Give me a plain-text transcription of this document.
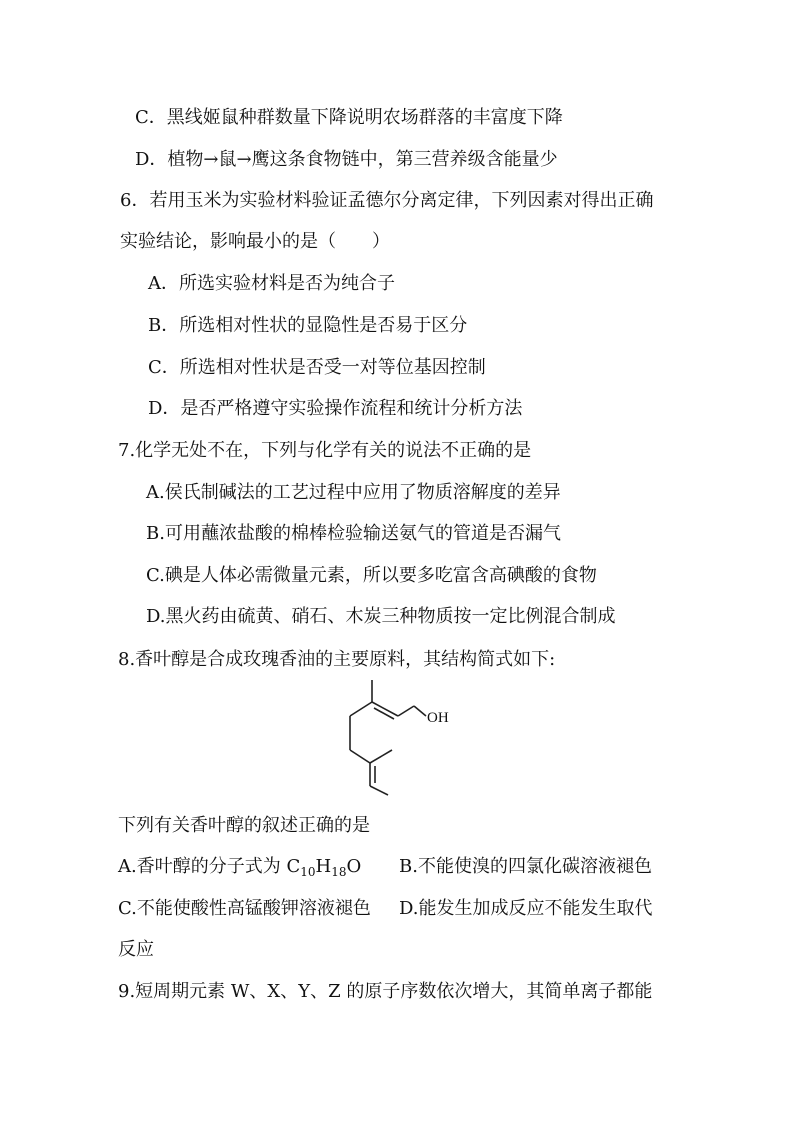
C．黑线姬鼠种群数量下降说明农场群落的丰富度下降
D．植物→鼠→鹰这条食物链中，第三营养级含能量少
6．若用玉米为实验材料验证孟德尔分离定律，下列因素对得出正确
实验结论，影响最小的是（　　）
A．所选实验材料是否为纯合子
B．所选相对性状的显隐性是否易于区分
C．所选相对性状是否受一对等位基因控制
D．是否严格遵守实验操作流程和统计分析方法
7.化学无处不在，下列与化学有关的说法不正确的是
A.侯氏制碱法的工艺过程中应用了物质溶解度的差异
B.可用蘸浓盐酸的棉棒检验输送氨气的管道是否漏气
C.碘是人体必需微量元素，所以要多吃富含高碘酸的食物
D.黑火药由硫黄、硝石、木炭三种物质按一定比例混合制成
8.香叶醇是合成玫瑰香油的主要原料，其结构简式如下:
OH
下列有关香叶醇的叙述正确的是
A.香叶醇的分子式为 $C_{10}H_{18}O$ B.不能使溴的四氯化碳溶液褪色
C.不能使酸性高锰酸钾溶液褪色 D.能发生加成反应不能发生取代
反应
9.短周期元素 W、X、Y、Z 的原子序数依次增大，其简单离子都能
